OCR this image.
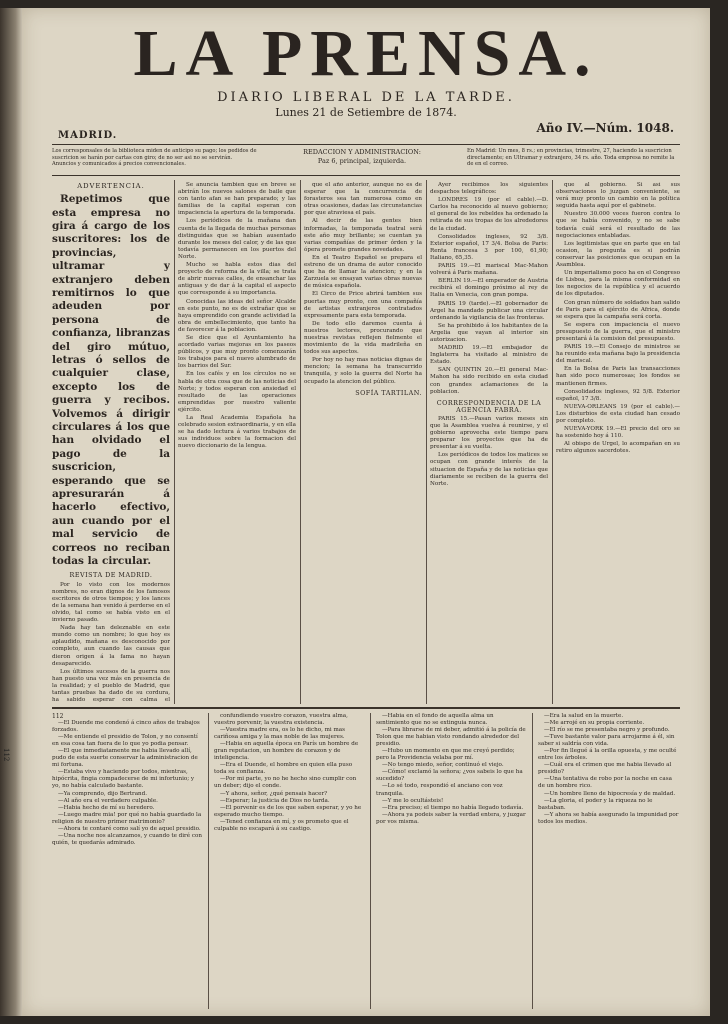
112
LA PRENSA.
DIARIO LIBERAL DE LA TARDE.
Lunes 21 de Setiembre de 1874.
MADRID.
Año IV.—Núm. 1048.
Los corresponsales de la biblioteca miden de anticipo su pago; los pedidos de suscricion se harán por cartas con giro; de no ser asi no se servirán. Anuncios y comunicados á precios convencionales.
REDACCION Y ADMINISTRACION:
Paz 6, principal, izquierda.
En Madrid: Un mes, 8 rs.; en provincias, trimestre, 27, haciendo la suscricion directamente; en Ultramar y extranjero, 34 rs. año. Toda empresa no remite la de en el correo.
ADVERTENCIA.

Repetimos que esta empresa no gira á cargo de los suscritores: los de provincias, ultramar y extranjero deben remitirnos lo que adeuden por persona de confianza, libranzas del giro mútuo, letras ó sellos de cualquier clase, excepto los de guerra y recibos. Volvemos á dirigir circulares á los que han olvidado el pago de la suscricion, esperando que se apresurarán á hacerlo efectivo, aun cuando por el mal servicio de correos no reciban todas la circular.

REVISTA DE MADRID.

Por lo visto con los modernos nombres, no eran dignos de los famosos escritores de otros tiempos; y los lances de la semana han venido á perderse en el olvido, tal como se había visto en el invierno pasado.

Nada hay tan deleznable en este mundo como un nombre; lo que hoy es aplaudido, mañana es desconocido por completo, aun cuando las causas que dieron origen á la fama no hayan desaparecido.

Los últimos sucesos de la guerra nos han puesto una vez más en presencia de la realidad; y el pueblo de Madrid, que tantas pruebas ha dado de su cordura, ha sabido esperar con calma el

Se anuncia tambien que en breve se abrirán los nuevos salones de baile que con tanto afan se han preparado; y las familias de la capital esperan con impaciencia la apertura de la temporada.

Los periódicos de la mañana dan cuenta de la llegada de muchas personas distinguidas que se habían ausentado durante los meses del calor, y de las que todavía permanecen en los puertos del Norte.

Mucho se habla estos dias del proyecto de reforma de la villa; se trata de abrir nuevas calles, de ensanchar las antiguas y de dar á la capital el aspecto que corresponde á su importancia.

Conocidas las ideas del señor Alcalde en este punto, no es de extrañar que se haya emprendido con grande actividad la obra de embellecimiento, que tanto ha de favorecer á la poblacion.

Se dice que el Ayuntamiento ha acordado varias mejoras en los paseos públicos, y que muy pronto comenzarán los trabajos para el nuevo alumbrado de los barrios del Sur.

En los cafés y en los círculos no se habla de otra cosa que de las noticias del Norte; y todos esperan con ansiedad el resultado de las operaciones emprendidas por nuestro valiente ejército.

La Real Academia Española ha celebrado sesion extraordinaria, y en ella se ha dado lectura á varios trabajos de sus individuos sobre la formacion del nuevo diccionario de la lengua.

que el año anterior, aunque no es de esperar que la concurrencia de forasteros sea tan numerosa como en otras ocasiones, dadas las circunstancias por que atraviesa el país.

Al decir de las gentes bien informadas, la temporada teatral será este año muy brillante; se cuentan ya varias compañías de primer órden y la ópera promete grandes novedades.

En el Teatro Español se prepara el estreno de un drama de autor conocido que ha de llamar la atencion; y en la Zarzuela se ensayan varias obras nuevas de música española.

El Circo de Price abrirá tambien sus puertas muy pronto, con una compañía de artistas extranjeros contratados expresamente para esta temporada.

De todo ello daremos cuenta á nuestros lectores, procurando que nuestras revistas reflejen fielmente el movimiento de la vida madrileña en todos sus aspectos.

Por hoy no hay mas noticias dignas de mencion; la semana ha transcurrido tranquila, y solo la guerra del Norte ha ocupado la atencion del público.

SOFÍA TARTILAN.

Ayer recibimos los siguientes despachos telegráficos:

LONDRES 19 (por el cable).—D. Carlos ha reconocido al nuevo gobierno; el general de los rebeldes ha ordenado la retirada de sus tropas de los alrededores de la ciudad.

Consolidados ingleses, 92 3/8. Exterior español, 17 3/4. Bolsa de Paris: Renta francesa 3 por 100, 61,90; Italiano, 65,35.

PARIS 19.—El mariscal Mac-Mahon volverá á Paris mañana.

BERLIN 19.—El emperador de Austria recibirá el domingo próximo al rey de Italia en Venecia, con gran pompa.

PARIS 19 (tarde).—El gobernador de Argel ha mandado publicar una circular ordenando la vigilancia de las fronteras.

Se ha prohibido á los habitantes de la Argelia que vayan al interior sin autorizacion.

MADRID 19.—El embajador de Inglaterra ha visitado al ministro de Estado.

SAN QUINTIN 20.—El general Mac-Mahon ha sido recibido en esta ciudad con grandes aclamaciones de la poblacion.

CORRESPONDENCIA DE LA AGENCIA FABRA.

PARIS 15.—Pasan varios meses sin que la Asamblea vuelva á reunirse, y el gobierno aprovecha este tiempo para preparar los proyectos que ha de presentar á su vuelta.

Los periódicos de todos los matices se ocupan con grande interés de la situacion de España y de las noticias que diariamente se reciben de la guerra del Norte.

que al gobierno. Si así sus observaciones lo juzgan conveniente, se verá muy pronto un cambio en la política seguida hasta aquí por el gabinete.

Nuestro 30.000 voces fueron contra lo que se había convenido, y no se sabe todavía cuál será el resultado de las negociaciones entabladas.

Los legitimistas que en parte que en tal ocasion, la pregunta es si podrán conservar las posiciones que ocupan en la Asamblea.

Un imperialismo poco ha en el Congreso de Lisboa, para la misma conformidad en los negocios de la república y el acuerdo de los diputados.

Con gran número de soldados han salido de Paris para el ejército de Africa, donde se espera que la campaña será corta.

Se espera con impaciencia el nuevo presupuesto de la guerra, que el ministro presentará á la comision del presupuesto.

PARIS 19.—El Consejo de ministros se ha reunido esta mañana bajo la presidencia del mariscal.

En la Bolsa de Paris las transacciones han sido poco numerosas; los fondos se mantienen firmes.

Consolidados ingleses, 92 5/8. Exterior español, 17 3/8.

NUEVA-ORLEANS 19 (por el cable).—Los disturbios de esta ciudad han cesado por completo.

NUEVA-YORK 19.—El precio del oro se ha sostenido hoy á 110.

Al obispo de Urgel, lo acompañan en su retiro algunos sacerdotes.

112

—El Duende me condenó á cinco años de trabajos forzados.

—Me entiende el presidio de Tolon, y no consentí en esa cosa tan fuera de lo que yo podia pensar.

—El que inmediatamente me habia llevado allí, pudo de esta suerte conservar la administracion de mi fortuna.

—Estaba vivo y haciendo por todos, mientras, hipócrita, fingia compadecerse de mi infortunio; y yo, no había calculado bastante.

—Ya comprendo, dijo Bertrand.

—Al año era el verdadero culpable.

—Habia hecho de mí su heredero.

—Luego madre mia! por qué no había guardado la religion de nuestro primer matrimonio?

—Ahora te contaré como salí yo de aquel presidio.

—Una noche nos alcanzamos, y cuando te diré con quién, te quedarás admirado.

confundiendo vuestro corazon, vuestra alma, vuestro porvenir, la vuestra existencia.

—Vuestra madre era, os lo he dicho, mi mas cariñosa amiga y la mas noble de las mujeres.

—Habia en aquella época en París un hombre de gran reputacion, un hombre de corazon y de inteligencia.

—Era el Duende, el hombre en quien ella puso toda su confianza.

—Por mi parte, yo no he hecho sino cumplir con un deber; dijo el conde.

—Y ahora, señor, ¿qué pensais hacer?

—Esperar; la justicia de Dios no tarda.

—El porvenir es de los que saben esperar, y yo he esperado mucho tiempo.

—Tened confianza en mí, y os prometo que el culpable no escapará á su castigo.

—Habia en el fondo de aquella alma un sentimiento que no se extinguia nunca.

—Para librarse de mi deber, admitió á la policía de Tolon que me habian visto rondando alrededor del presidio.

—Hubo un momento en que me creyó perdido; pero la Providencia velaba por mí.

—No tengo miedo, señor, continuó el viejo.

—Cómo! exclamó la señora; ¿vos sabeis lo que ha sucedido?

—Lo sé todo, respondió el anciano con voz tranquila.

—Y me lo ocultásteis!

—Era preciso; el tiempo no había llegado todavía.

—Ahora ya podeis saber la verdad entera, y juzgar por vos misma.

—Era la salud en la muerte.

—Me arrojé en su propia corriente.

—El río se me presentaba negro y profundo.

—Tuve bastante valor para arrojarme á él, sin saber si saldría con vida.

—Por fin llegué á la orilla opuesta, y me oculté entre los árboles.

—Cuál era el crimen que me habia llevado al presidio?

—Una tentativa de robo por la noche en casa de un hombre rico.

—Un hombre lleno de hipocresía y de maldad.

—La gloria, el poder y la riqueza no le bastaban.

—Y ahora se había asegurado la impunidad por todos los medios.
